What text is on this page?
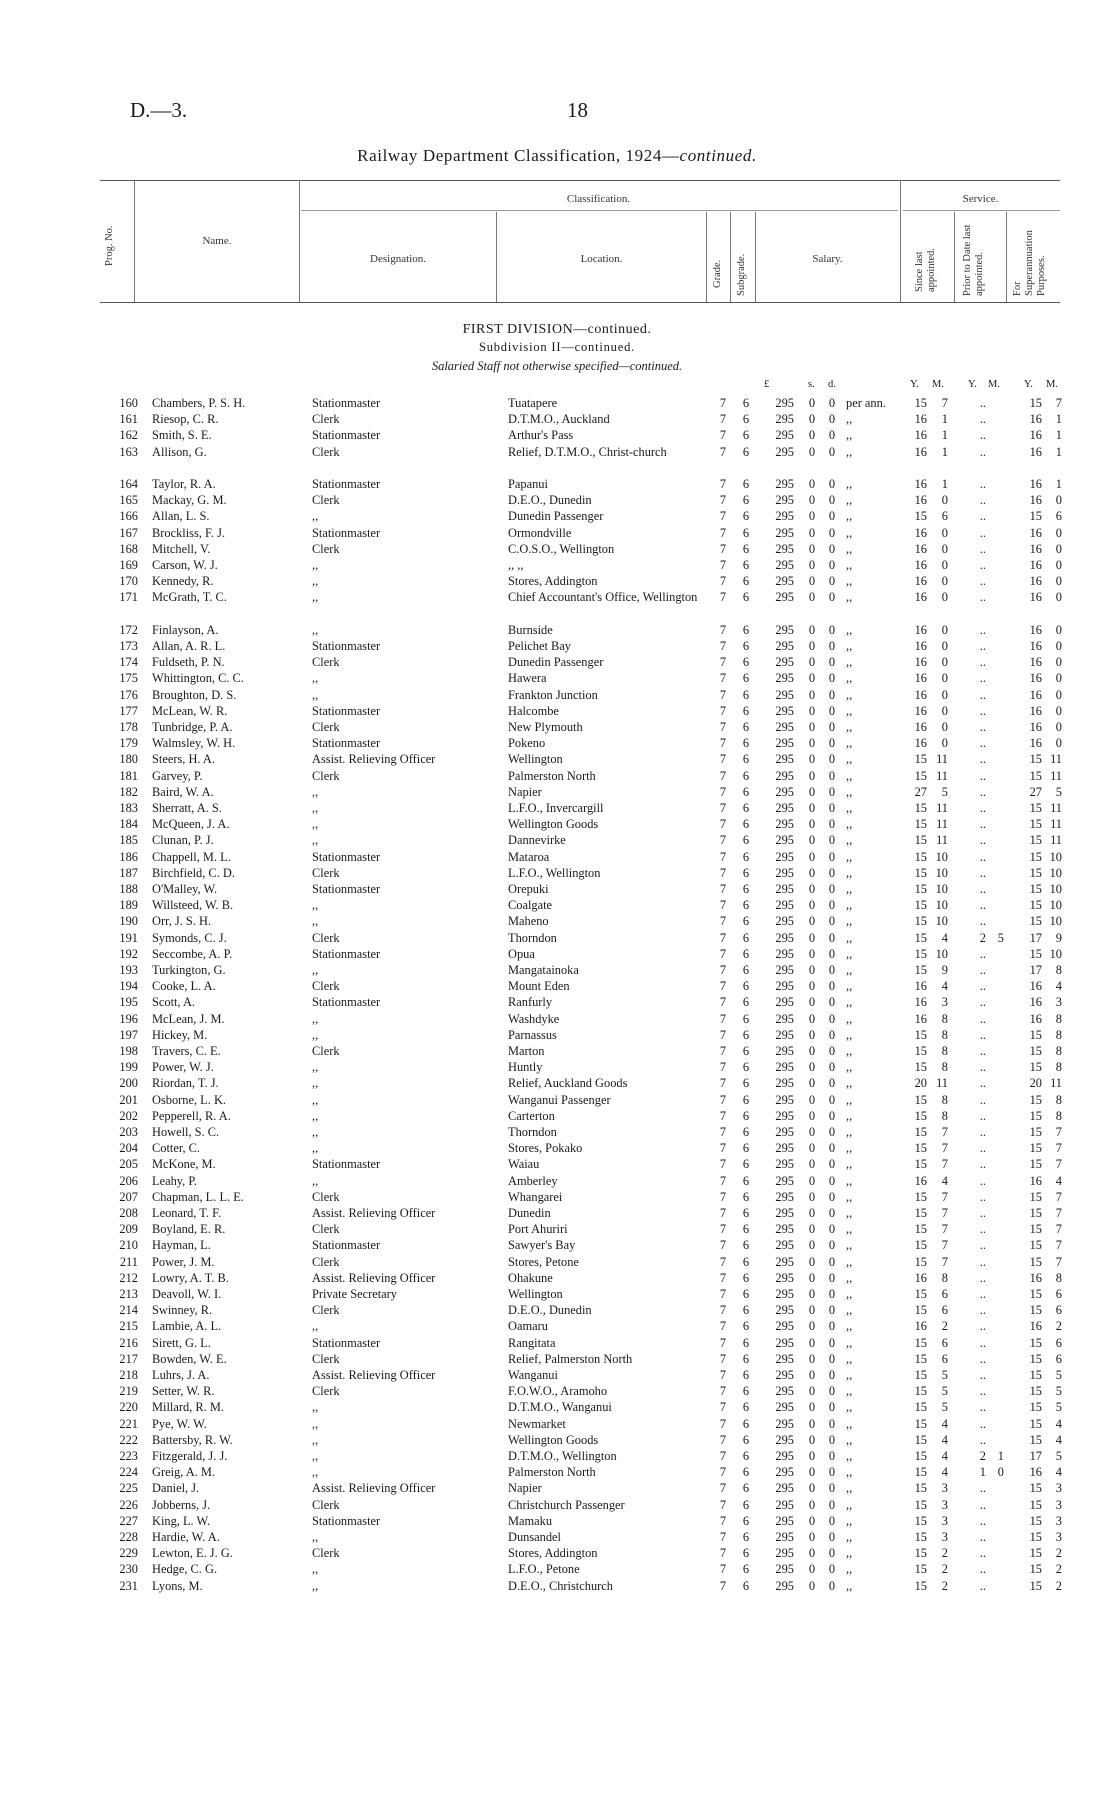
D.—3.	18
Railway Department Classification, 1924—continued.
Prog. No.	Name.
Classification.
Designation.	Location.
Grade. Subgrade.	Salary.
Service.
Since last appointed. Prior to Date last appointed.	For Superannuation Purposes.
FIRST DIVISION—continued.
Subdivision II—continued.
Salaried Staff not otherwise specified—continued.
£	s. d.	Y. M. Y. M. Y. M.
160 Chambers, P. S. H.	Stationmaster	Tuatapere	7	6	295 0 0 per ann.	15	7	..	15	7
161 Riesop, C. R.	Clerk	D.T.M.O., Auckland	7	6	295 0 0 ,,	16	1	..	16	1
162 Smith, S. E.	Stationmaster	Arthur's Pass	7	6	295 0 0 ,,	16	1	..	16	1
163 Allison, G.	Clerk	Relief, D.T.M.O., Christ-church	7	6	295 0 0 ,,	16	1	..	16	1
164 Taylor, R. A.	Stationmaster	Papanui	7	6	295 0 0 ,,	16	1	..	16	1
165 Mackay, G. M.	Clerk	D.E.O., Dunedin	7	6	295 0 0 ,,	16	0	..	16	0
166 Allan, L. S.	,,	Dunedin Passenger	7	6	295 0 0 ,,	15	6	..	15	6
167 Brockliss, F. J.	Stationmaster	Ormondville	7	6	295 0 0 ,,	16	0	..	16	0
168 Mitchell, V.	Clerk	C.O.S.O., Wellington	7	6	295 0 0 ,,	16	0	..	16	0
169 Carson, W. J.	,,	,, ,,	7	6	295 0 0 ,,	16	0	..	16	0
170 Kennedy, R.	,,	Stores, Addington	7	6	295 0 0 ,,	16	0	..	16	0
171 McGrath, T. C.	,,	Chief Accountant's Office, Wellington	7	6	295 0 0 ,,	16	0	..	16	0
172 Finlayson, A.	,,	Burnside	7	6	295 0 0 ,,	16	0	..	16	0
173 Allan, A. R. L.	Stationmaster	Pelichet Bay	7	6	295 0 0 ,,	16	0	..	16	0
174 Fuldseth, P. N.	Clerk	Dunedin Passenger	7	6	295 0 0 ,,	16	0	..	16	0
175 Whittington, C. C.	,,	Hawera	7	6	295 0 0 ,,	16	0	..	16	0
176 Broughton, D. S.	,,	Frankton Junction	7	6	295 0 0 ,,	16	0	..	16	0
177 McLean, W. R.	Stationmaster	Halcombe	7	6	295 0 0 ,,	16	0	..	16	0
178 Tunbridge, P. A.	Clerk	New Plymouth	7	6	295 0 0 ,,	16	0	..	16	0
179 Walmsley, W. H.	Stationmaster	Pokeno	7	6	295 0 0 ,,	16	0	..	16	0
180 Steers, H. A.	Assist. Relieving Officer	Wellington	7	6	295 0 0 ,,	15 11	..	15 11
181 Garvey, P.	Clerk	Palmerston North	7	6	295 0 0 ,,	15 11	..	15 11
182 Baird, W. A.	,,	Napier	7	6	295 0 0 ,,	27	5	..	27	5
183 Sherratt, A. S.	,,	L.F.O., Invercargill	7	6	295 0 0 ,,	15 11	..	15 11
184 McQueen, J. A.	,,	Wellington Goods	7	6	295 0 0 ,,	15 11	..	15 11
185 Clunan, P. J.	,,	Dannevirke	7	6	295 0 0 ,,	15 11	..	15 11
186 Chappell, M. L.	Stationmaster	Mataroa	7	6	295 0 0 ,,	15 10	..	15 10
187 Birchfield, C. D.	Clerk	L.F.O., Wellington	7	6	295 0 0 ,,	15 10	..	15 10
188 O'Malley, W.	Stationmaster	Orepuki	7	6	295 0 0 ,,	15 10	..	15 10
189 Willsteed, W. B.	,,	Coalgate	7	6	295 0 0 ,,	15 10	..	15 10
190 Orr, J. S. H.	,,	Maheno	7	6	295 0 0 ,,	15 10	..	15 10
191 Symonds, C. J.	Clerk	Thorndon	7	6	295 0 0 ,,	15	4	2 5	17	9
192 Seccombe, A. P.	Stationmaster	Opua	7	6	295 0 0 ,,	15 10	..	15 10
193 Turkington, G.	,,	Mangatainoka	7	6	295 0 0 ,,	15	9	..	17	8
194 Cooke, L. A.	Clerk	Mount Eden	7	6	295 0 0 ,,	16	4	..	16	4
195 Scott, A.	Stationmaster	Ranfurly	7	6	295 0 0 ,,	16	3	..	16	3
196 McLean, J. M.	,,	Washdyke	7	6	295 0 0 ,,	16	8	..	16	8
197 Hickey, M.	,,	Parnassus	7	6	295 0 0 ,,	15	8	..	15	8
198 Travers, C. E.	Clerk	Marton	7	6	295 0 0 ,,	15	8	..	15	8
199 Power, W. J.	,,	Huntly	7	6	295 0 0 ,,	15	8	..	15	8
200 Riordan, T. J.	,,	Relief, Auckland Goods	7	6	295 0 0 ,,	20 11	..	20 11
201 Osborne, L. K.	,,	Wanganui Passenger	7	6	295 0 0 ,,	15	8	..	15	8
202 Pepperell, R. A.	,,	Carterton	7	6	295 0 0 ,,	15	8	..	15	8
203 Howell, S. C.	,,	Thorndon	7	6	295 0 0 ,,	15	7	..	15	7
204 Cotter, C.	,,	Stores, Pokako	7	6	295 0 0 ,,	15	7	..	15	7
205 McKone, M.	Stationmaster	Waiau	7	6	295 0 0 ,,	15	7	..	15	7
206 Leahy, P.	,,	Amberley	7	6	295 0 0 ,,	16	4	..	16	4
207 Chapman, L. L. E.	Clerk	Whangarei	7	6	295 0 0 ,,	15	7	..	15	7
208 Leonard, T. F.	Assist. Relieving Officer	Dunedin	7	6	295 0 0 ,,	15	7	..	15	7
209 Boyland, E. R.	Clerk	Port Ahuriri	7	6	295 0 0 ,,	15	7	..	15	7
210 Hayman, L.	Stationmaster	Sawyer's Bay	7	6	295 0 0 ,,	15	7	..	15	7
211 Power, J. M.	Clerk	Stores, Petone	7	6	295 0 0 ,,	15	7	..	15	7
212 Lowry, A. T. B.	Assist. Relieving Officer	Ohakune	7	6	295 0 0 ,,	16	8	..	16	8
213 Deavoll, W. I.	Private Secretary	Wellington	7	6	295 0 0 ,,	15	6	..	15	6
214 Swinney, R.	Clerk	D.E.O., Dunedin	7	6	295 0 0 ,,	15	6	..	15	6
215 Lambie, A. L.	,,	Oamaru	7	6	295 0 0 ,,	16	2	..	16	2
216 Sirett, G. L.	Stationmaster	Rangitata	7	6	295 0 0 ,,	15	6	..	15	6
217 Bowden, W. E.	Clerk	Relief, Palmerston North	7	6	295 0 0 ,,	15	6	..	15	6
218 Luhrs, J. A.	Assist. Relieving Officer	Wanganui	7	6	295 0 0 ,,	15	5	..	15	5
219 Setter, W. R.	Clerk	F.O.W.O., Aramoho	7	6	295 0 0 ,,	15	5	..	15	5
220 Millard, R. M.	,,	D.T.M.O., Wanganui	7	6	295 0 0 ,,	15	5	..	15	5
221 Pye, W. W.	,,	Newmarket	7	6	295 0 0 ,,	15	4	..	15	4
222 Battersby, R. W.	,,	Wellington Goods	7	6	295 0 0 ,,	15	4	..	15	4
223 Fitzgerald, J. J.	,,	D.T.M.O., Wellington	7	6	295 0 0 ,,	15	4	2 1	17	5
224 Greig, A. M.	,,	Palmerston North	7	6	295 0 0 ,,	15	4	1 0	16	4
225 Daniel, J.	Assist. Relieving Officer	Napier	7	6	295 0 0 ,,	15	3	..	15	3
226 Jobberns, J.	Clerk	Christchurch Passenger	7	6	295 0 0 ,,	15	3	..	15	3
227 King, L. W.	Stationmaster	Mamaku	7	6	295 0 0 ,,	15	3	..	15	3
228 Hardie, W. A.	,,	Dunsandel	7	6	295 0 0 ,,	15	3	..	15	3
229 Lewton, E. J. G.	Clerk	Stores, Addington	7	6	295 0 0 ,,	15	2	..	15	2
230 Hedge, C. G.	,,	L.F.O., Petone	7	6	295 0 0 ,,	15	2	..	15	2
231 Lyons, M.	,,	D.E.O., Christchurch	7	6	295 0 0 ,,	15	2	..	15	2
